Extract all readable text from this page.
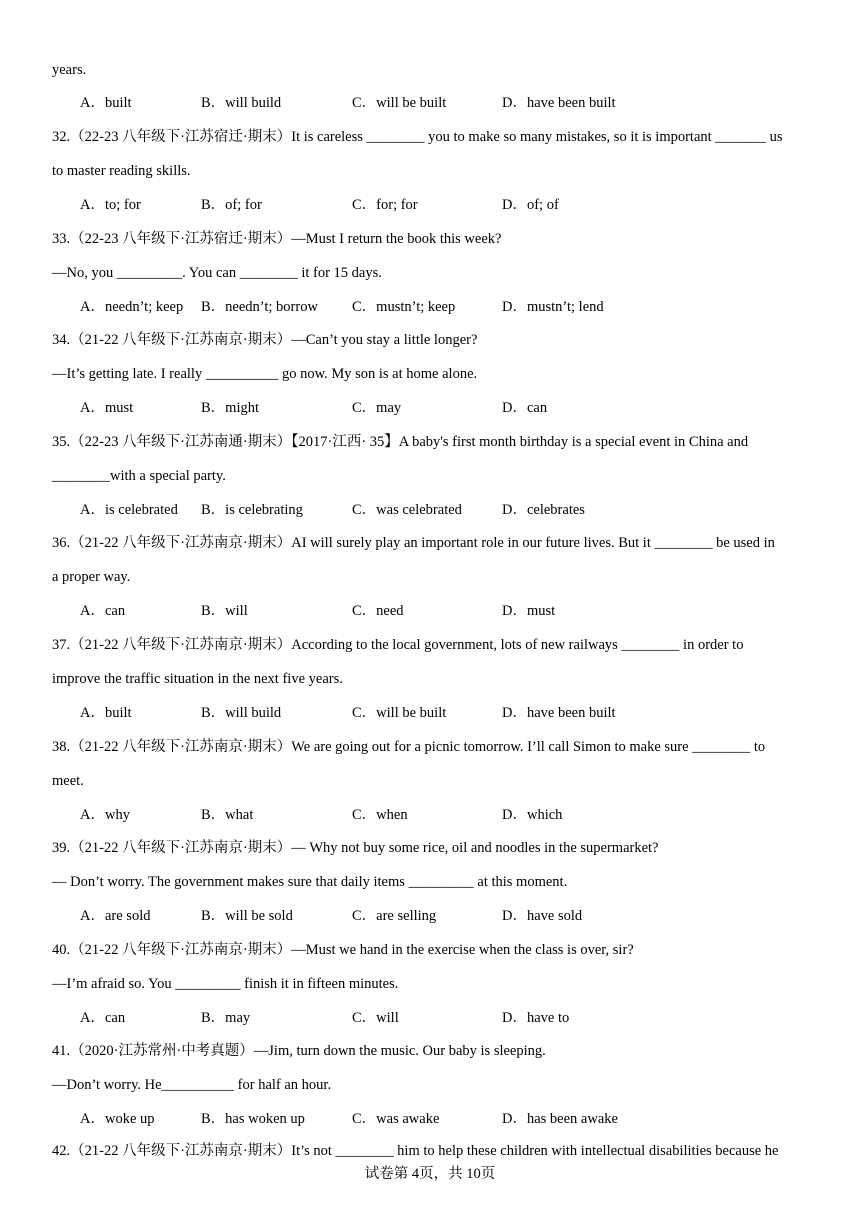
years.
A．built	B．will build	C．will be built	D．have been built
32.（22-23 八年级下·江苏宿迁·期末）It is careless ________ you to make so many mistakes, so it is important _______ us
to master reading skills.
A．to; for	B．of; for	C．for; for	D．of; of
33.（22-23 八年级下·江苏宿迁·期末）—Must I return the book this week?
—No, you _________. You can ________ it for 15 days.
A．needn’t; keep B．needn’t; borrow C．mustn’t; keep	D．mustn’t; lend
34.（21-22 八年级下·江苏南京·期末）—Can’t you stay a little longer?
—It’s getting late. I really __________ go now. My son is at home alone.
A．must	B．might	C．may	D．can
35.（22-23 八年级下·江苏南通·期末）【2017·江西· 35】A baby's first month birthday is a special event in China and
________with a special party.
A．is celebrated B．is celebrating	C．was celebrated	D．celebrates
36.（21-22 八年级下·江苏南京·期末）AI will surely play an important role in our future lives. But it ________ be used in
a proper way.
A．can	B．will	C．need	D．must
37.（21-22 八年级下·江苏南京·期末）According to the local government, lots of new railways ________ in order to
improve the traffic situation in the next five years.
A．built	B．will build	C．will be built	D．have been built
38.（21-22 八年级下·江苏南京·期末）We are going out for a picnic tomorrow. I’ll call Simon to make sure ________ to
meet.
A．why	B．what	C．when	D．which
39.（21-22 八年级下·江苏南京·期末）— Why not buy some rice, oil and noodles in the supermarket?
— Don’t worry. The government makes sure that daily items _________ at this moment.
A．are sold	B．will be sold	C．are selling	D．have sold
40.（21-22 八年级下·江苏南京·期末）—Must we hand in the exercise when the class is over, sir?
—I’m afraid so. You _________ finish it in fifteen minutes.
A．can	B．may	C．will	D．have to
41.（2020·江苏常州·中考真题）—Jim, turn down the music. Our baby is sleeping.
—Don’t worry. He__________ for half an hour.
A．woke up	B．has woken up	C．was awake	D．has been awake
42.（21-22 八年级下·江苏南京·期末）It’s not ________ him to help these children with intellectual disabilities because he
试卷第 4页，共 10页
